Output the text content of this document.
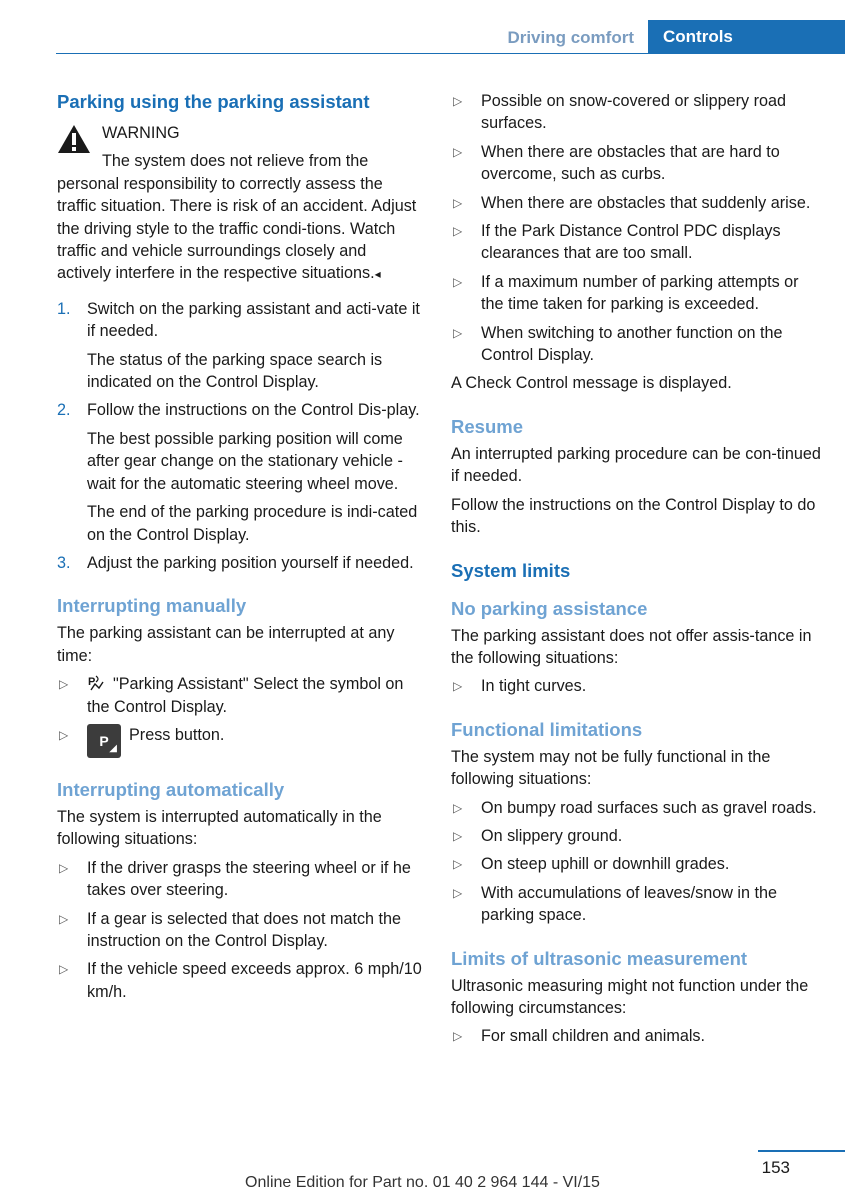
Driving comfort	Controls
Parking using the parking assistant

WARNING

The system does not relieve from the

personal responsibility to correctly assess the traffic situation. There is risk of an accident. Adjust the driving style to the traffic condi-tions. Watch traffic and vehicle surroundings closely and actively interfere in the respective situations.◂

1. Switch on the parking assistant and acti-vate it if needed.

The status of the parking space search is indicated on the Control Display.

2. Follow the instructions on the Control Dis-play.

The best possible parking position will come after gear change on the stationary vehicle - wait for the automatic steering wheel move.

The end of the parking procedure is indi-cated on the Control Display.

3. Adjust the parking position yourself if needed.

Interrupting manually

The parking assistant can be interrupted at any time:

▷ P "Parking Assistant" Select the symbol on the Control Display.
▷	P ◢
Press button.
Interrupting automatically

The system is interrupted automatically in the following situations:

▷ If the driver grasps the steering wheel or if he takes over steering.
▷ If a gear is selected that does not match the instruction on the Control Display.
▷ If the vehicle speed exceeds approx. 6 mph/10 km/h.
▷ Possible on snow-covered or slippery road surfaces.
▷ When there are obstacles that are hard to overcome, such as curbs.
▷ When there are obstacles that suddenly arise.
▷ If the Park Distance Control PDC displays clearances that are too small.
▷ If a maximum number of parking attempts or the time taken for parking is exceeded.
▷ When switching to another function on the Control Display.

A Check Control message is displayed.

Resume

An interrupted parking procedure can be con-tinued if needed.

Follow the instructions on the Control Display to do this.

System limits
No parking assistance

The parking assistant does not offer assis-tance in the following situations:

▷ In tight curves.
Functional limitations

The system may not be fully functional in the following situations:

▷ On bumpy road surfaces such as gravel roads.
▷ On slippery ground.
▷ On steep uphill or downhill grades.
▷ With accumulations of leaves/snow in the parking space.
Limits of ultrasonic measurement

Ultrasonic measuring might not function under the following circumstances:

▷ For small children and animals.
153
Online Edition for Part no. 01 40 2 964 144 - VI/15
